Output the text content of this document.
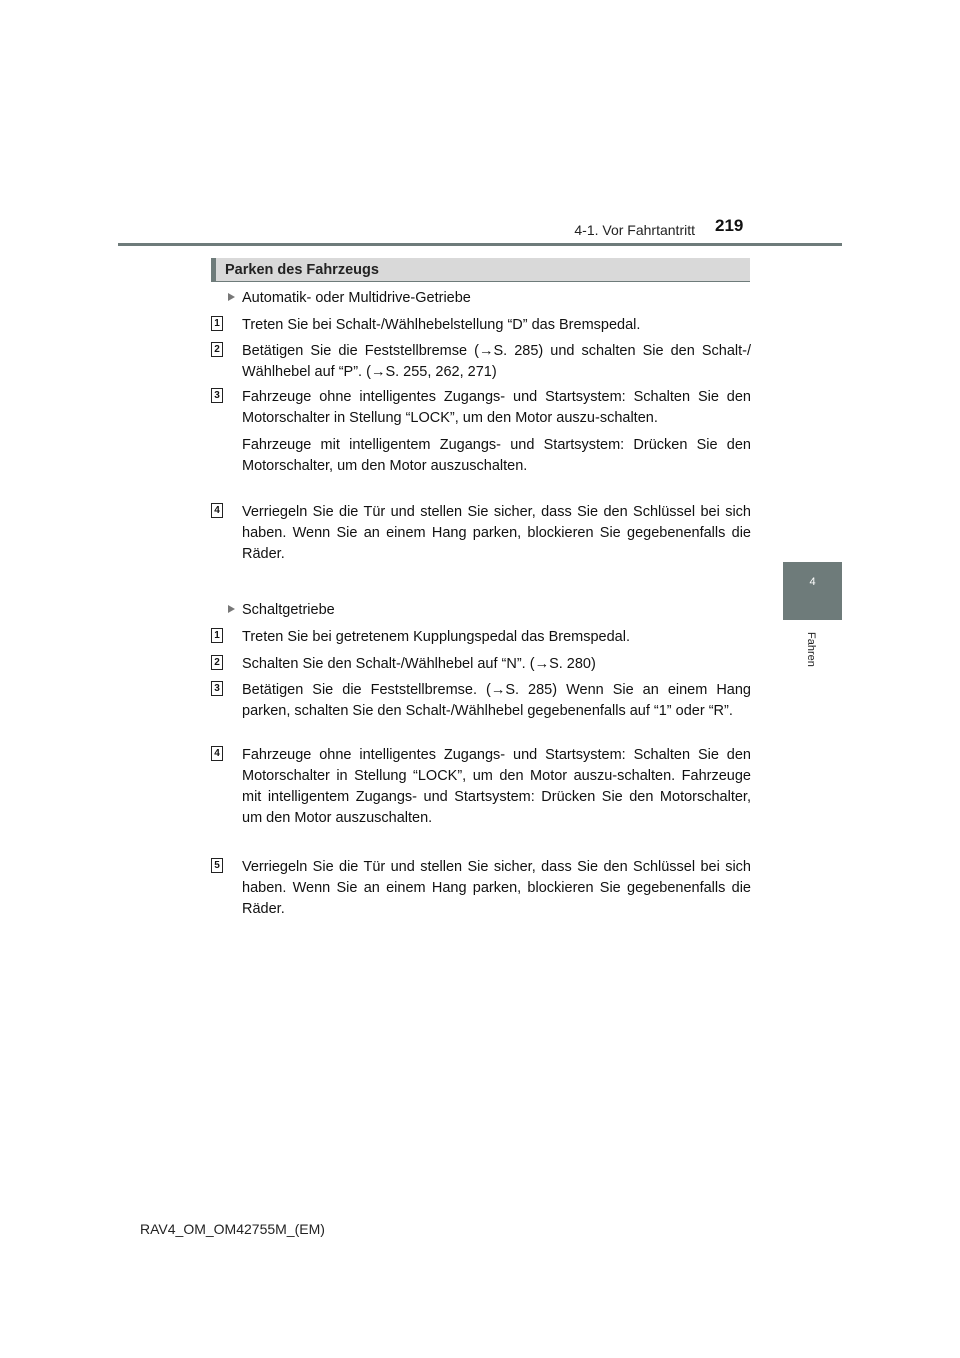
4-1. Vor Fahrtantritt 219
4
Fahren
Parken des Fahrzeugs
Automatik- oder Multidrive-Getriebe
1	Treten Sie bei Schalt-/Wählhebelstellung “D” das Bremspedal.

2	Betätigen Sie die Feststellbremse (→S. 285) und schalten Sie den Schalt-/ Wählhebel auf “P”. (→S. 255, 262, 271)

3	Fahrzeuge ohne intelligentes Zugangs- und Startsystem: Schalten Sie den Motorschalter in Stellung “LOCK”, um den Motor auszu-schalten.

Fahrzeuge mit intelligentem Zugangs- und Startsystem: Drücken Sie den Motorschalter, um den Motor auszuschalten.

4	Verriegeln Sie die Tür und stellen Sie sicher, dass Sie den Schlüssel bei sich haben. Wenn Sie an einem Hang parken, blockieren Sie gegebenenfalls die Räder.

Schaltgetriebe
1	Treten Sie bei getretenem Kupplungspedal das Bremspedal.

2	Schalten Sie den Schalt-/Wählhebel auf “N”. (→S. 280)

3	Betätigen Sie die Feststellbremse. (→S. 285) Wenn Sie an einem Hang parken, schalten Sie den Schalt-/Wählhebel gegebenenfalls auf “1” oder “R”.

4	Fahrzeuge ohne intelligentes Zugangs- und Startsystem: Schalten Sie den Motorschalter in Stellung “LOCK”, um den Motor auszu-schalten. Fahrzeuge mit intelligentem Zugangs- und Startsystem: Drücken Sie den Motorschalter, um den Motor auszuschalten.

5	Verriegeln Sie die Tür und stellen Sie sicher, dass Sie den Schlüssel bei sich haben. Wenn Sie an einem Hang parken, blockieren Sie gegebenenfalls die Räder.

RAV4_OM_OM42755M_(EM)
